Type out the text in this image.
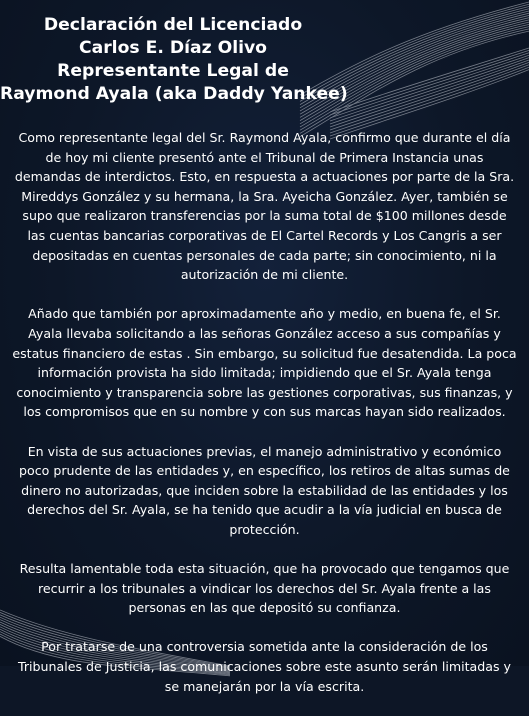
Declaración del Licenciado
Carlos E. Díaz Olivo
Representante Legal de
Raymond Ayala (aka Daddy Yankee)

Como representante legal del Sr. Raymond Ayala, confirmo que durante el día
de hoy mi cliente presentó ante el Tribunal de Primera Instancia unas
demandas de interdictos. Esto, en respuesta a actuaciones por parte de la Sra.
Mireddys González y su hermana, la Sra. Ayeicha González. Ayer, también se
supo que realizaron transferencias por la suma total de $100 millones desde
las cuentas bancarias corporativas de El Cartel Records y Los Cangris a ser
depositadas en cuentas personales de cada parte; sin conocimiento, ni la
autorización de mi cliente.

Añado que también por aproximadamente año y medio, en buena fe, el Sr.
Ayala llevaba solicitando a las señoras González acceso a sus compañías y
estatus financiero de estas . Sin embargo, su solicitud fue desatendida. La poca
información provista ha sido limitada; impidiendo que el Sr. Ayala tenga
conocimiento y transparencia sobre las gestiones corporativas, sus finanzas, y
los compromisos que en su nombre y con sus marcas hayan sido realizados.

En vista de sus actuaciones previas, el manejo administrativo y económico
poco prudente de las entidades y, en específico, los retiros de altas sumas de
dinero no autorizadas, que inciden sobre la estabilidad de las entidades y los
derechos del Sr. Ayala, se ha tenido que acudir a la vía judicial en busca de
protección.

Resulta lamentable toda esta situación, que ha provocado que tengamos que
recurrir a los tribunales a vindicar los derechos del Sr. Ayala frente a las
personas en las que depositó su confianza.

Por tratarse de una controversia sometida ante la consideración de los
Tribunales de Justicia, las comunicaciones sobre este asunto serán limitadas y
se manejarán por la vía escrita.
